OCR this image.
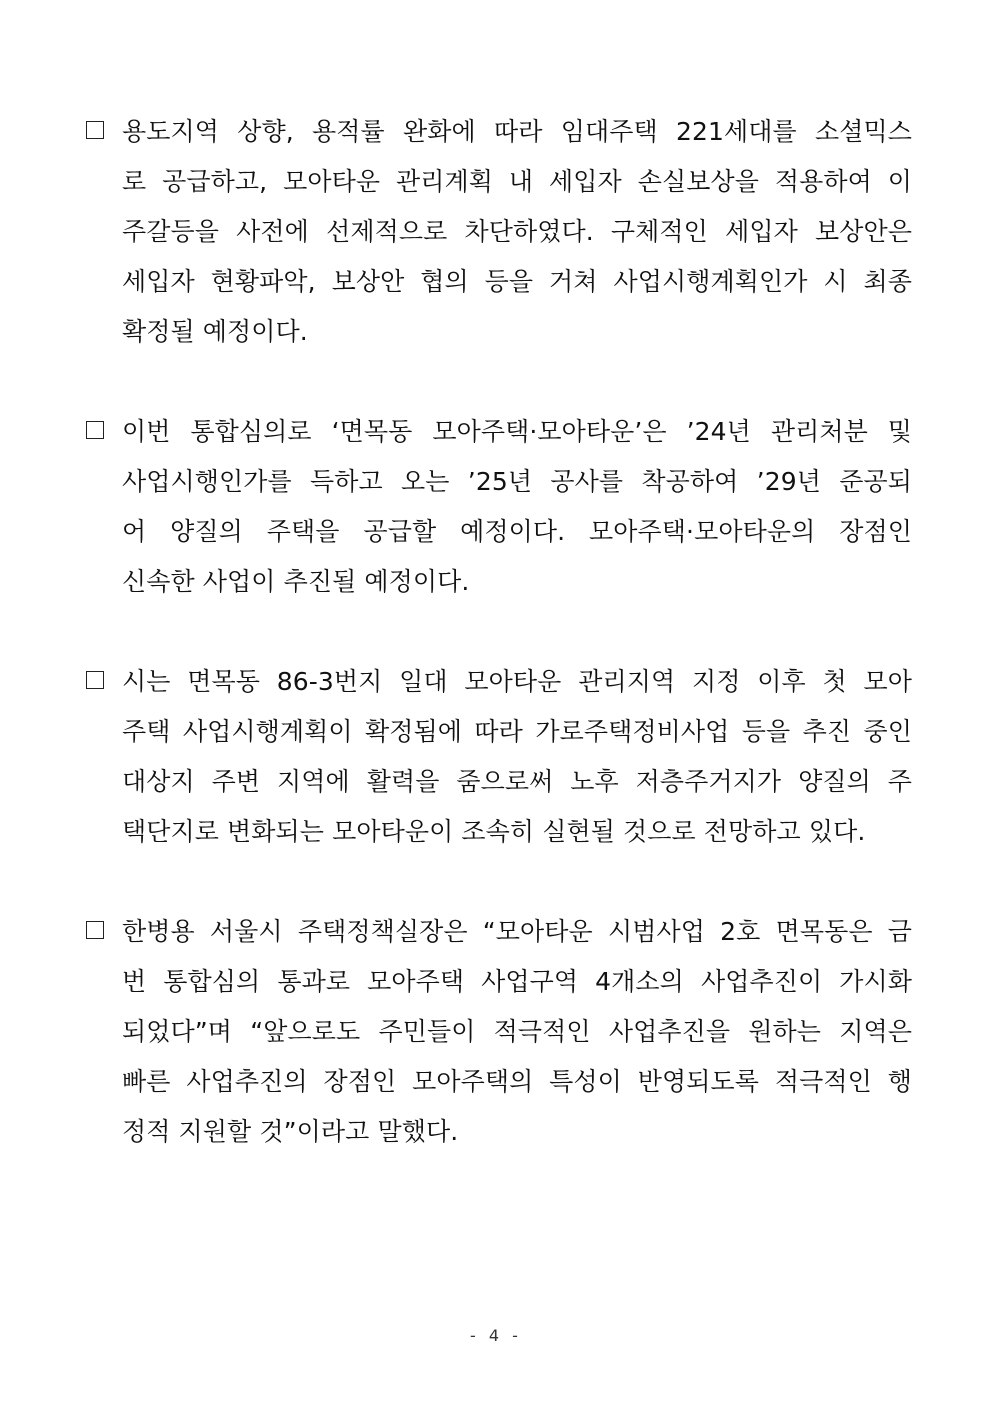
용도지역 상향, 용적률 완화에 따라 임대주택 221세대를 소셜믹스
로 공급하고, 모아타운 관리계획 내 세입자 손실보상을 적용하여 이
주갈등을 사전에 선제적으로 차단하였다. 구체적인 세입자 보상안은
세입자 현황파악, 보상안 협의 등을 거쳐 사업시행계획인가 시 최종
확정될 예정이다.
이번 통합심의로 ‘면목동 모아주택·모아타운’은 ’24년 관리처분 및
사업시행인가를 득하고 오는 ’25년 공사를 착공하여 ’29년 준공되
어 양질의 주택을 공급할 예정이다. 모아주택·모아타운의 장점인
신속한 사업이 추진될 예정이다.
시는 면목동 86-3번지 일대 모아타운 관리지역 지정 이후 첫 모아
주택 사업시행계획이 확정됨에 따라 가로주택정비사업 등을 추진 중인
대상지 주변 지역에 활력을 줌으로써 노후 저층주거지가 양질의 주
택단지로 변화되는 모아타운이 조속히 실현될 것으로 전망하고 있다.
한병용 서울시 주택정책실장은 “모아타운 시범사업 2호 면목동은 금
번 통합심의 통과로 모아주택 사업구역 4개소의 사업추진이 가시화
되었다”며 “앞으로도 주민들이 적극적인 사업추진을 원하는 지역은
빠른 사업추진의 장점인 모아주택의 특성이 반영되도록 적극적인 행
정적 지원할 것”이라고 말했다.
- 4 -
